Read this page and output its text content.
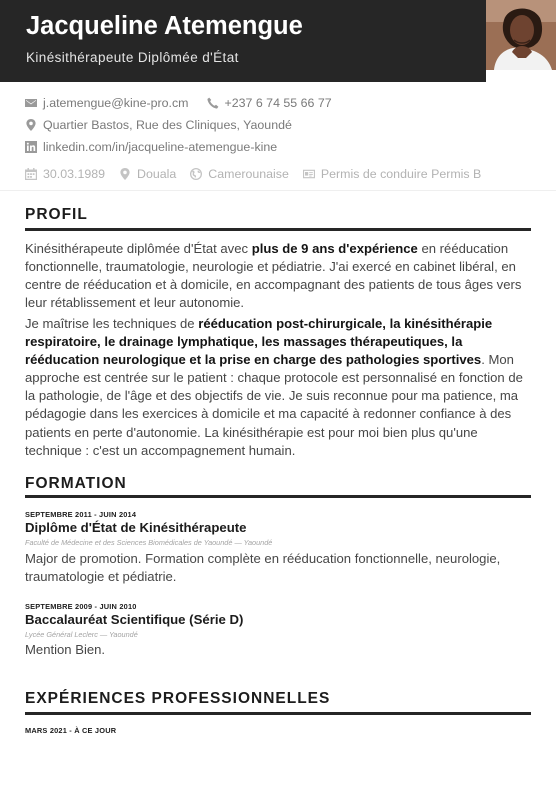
Jacqueline Atemengue
Kinésithérapeute Diplômée d'État
j.atemengue@kine-pro.cm	+237 6 74 55 66 77
Quartier Bastos, Rue des Cliniques, Yaoundé
linkedin.com/in/jacqueline-atemengue-kine
30.03.1989	Douala	Camerounaise	Permis de conduire Permis B
PROFIL
Kinésithérapeute diplômée d'État avec plus de 9 ans d'expérience en rééducation fonctionnelle, traumatologie, neurologie et pédiatrie. J'ai exercé en cabinet libéral, en centre de rééducation et à domicile, en accompagnant des patients de tous âges vers leur rétablissement et leur autonomie.
Je maîtrise les techniques de rééducation post-chirurgicale, la kinésithérapie respiratoire, le drainage lymphatique, les massages thérapeutiques, la rééducation neurologique et la prise en charge des pathologies sportives. Mon approche est centrée sur le patient : chaque protocole est personnalisé en fonction de la pathologie, de l'âge et des objectifs de vie. Je suis reconnue pour ma patience, ma pédagogie dans les exercices à domicile et ma capacité à redonner confiance à des patients en perte d'autonomie. La kinésithérapie est pour moi bien plus qu'une technique : c'est un accompagnement humain.
FORMATION
SEPTEMBRE 2011 - JUIN 2014
Diplôme d'État de Kinésithérapeute
Faculté de Médecine et des Sciences Biomédicales de Yaoundé — Yaoundé
Major de promotion. Formation complète en rééducation fonctionnelle, neurologie, traumatologie et pédiatrie.
SEPTEMBRE 2009 - JUIN 2010
Baccalauréat Scientifique (Série D)
Lycée Général Leclerc — Yaoundé
Mention Bien.
EXPÉRIENCES PROFESSIONNELLES
MARS 2021 - À CE JOUR
